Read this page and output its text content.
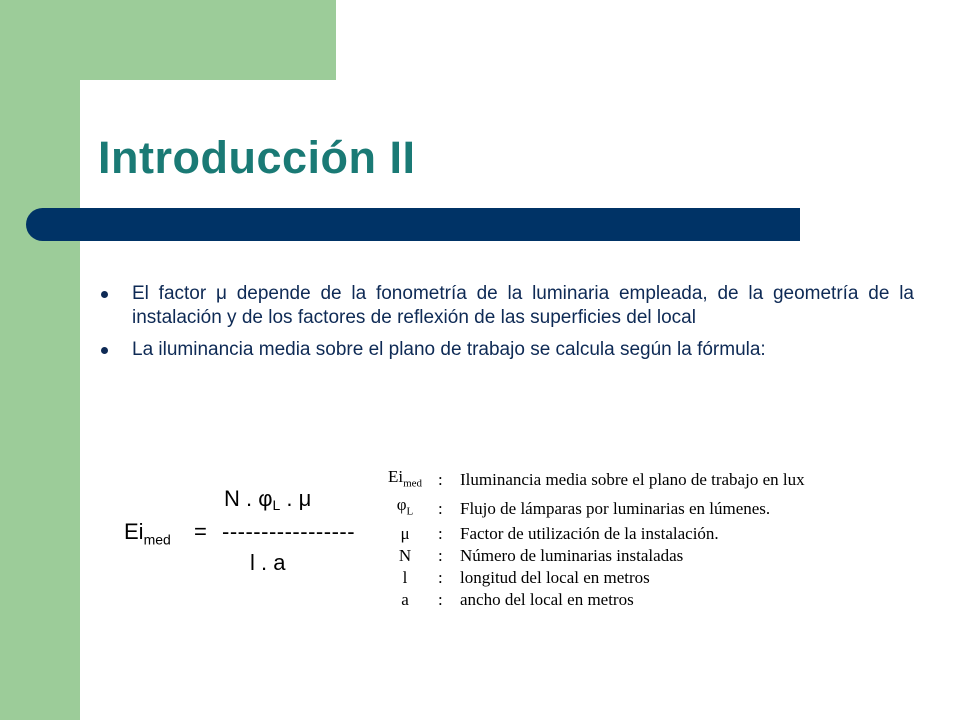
Introducción II
El factor μ depende de la fonometría de la luminaria empleada, de la geometría de la instalación y de los factores de reflexión de las superficies del local
La iluminancia media sobre el plano de trabajo se calcula según la fórmula:
N . φL . μ
$Ei_{med}$ = -----------------
l . a
$Ei_{med}$	:	Iluminancia media sobre el plano de trabajo en lux
$\varphi_L$	:	Flujo de lámparas por luminarias en lúmenes.
μ	:	Factor de utilización de la instalación.
N	:	Número de luminarias instaladas
l	:	longitud del local en metros
a	:	ancho del local en metros
